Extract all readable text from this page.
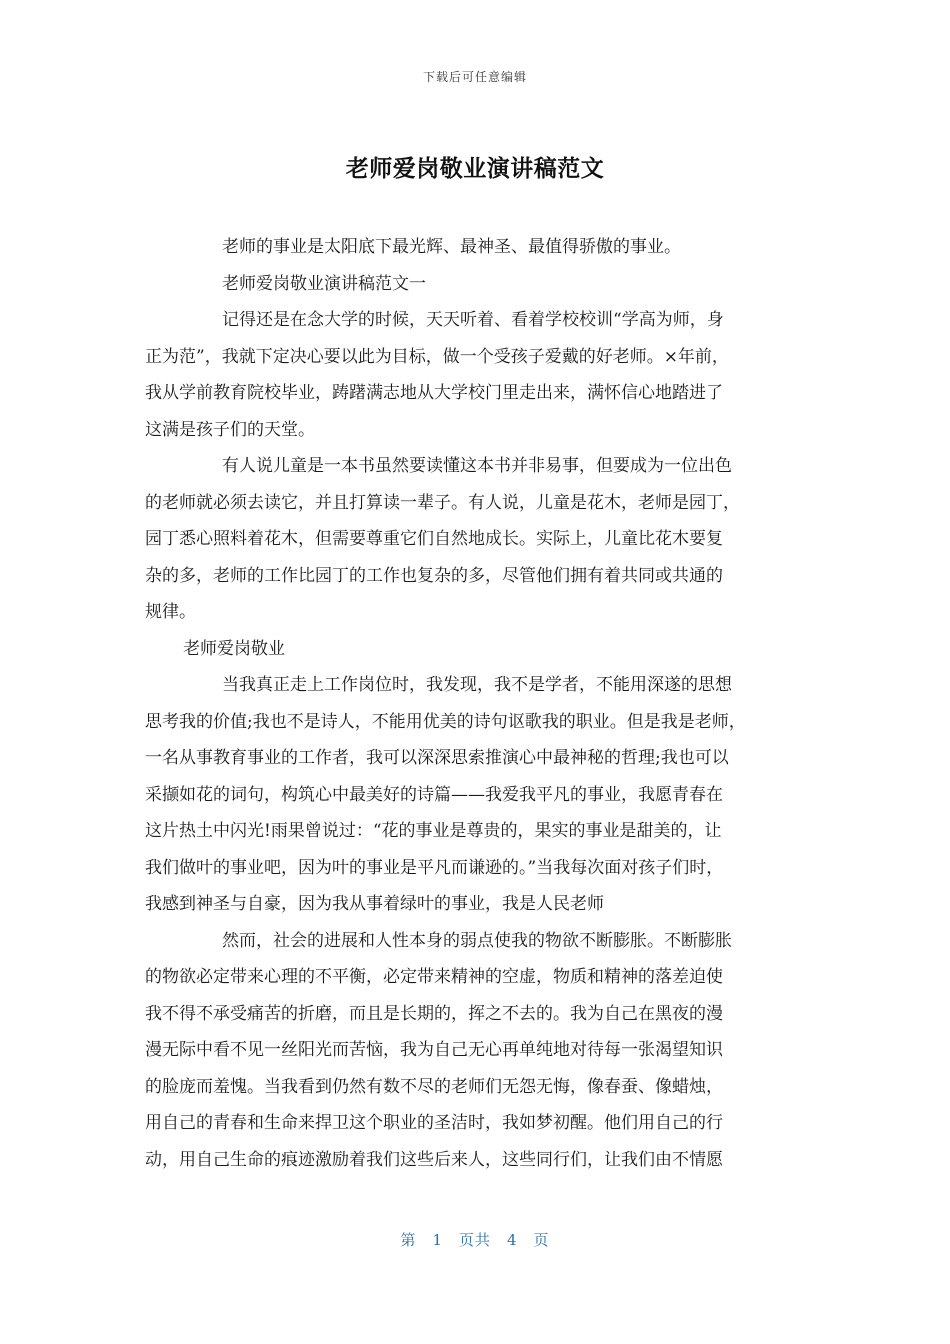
下载后可任意编辑
老师爱岗敬业演讲稿范文
老师的事业是太阳底下最光辉、最神圣、最值得骄傲的事业。
老师爱岗敬业演讲稿范文一
记得还是在念大学的时候，天天听着、看着学校校训“学高为师，身
正为范”，我就下定决心要以此为目标，做一个受孩子爱戴的好老师。×年前，
我从学前教育院校毕业，踌躇满志地从大学校门里走出来，满怀信心地踏进了
这满是孩子们的天堂。
有人说儿童是一本书虽然要读懂这本书并非易事，但要成为一位出色
的老师就必须去读它，并且打算读一辈子。有人说，儿童是花木，老师是园丁，
园丁悉心照料着花木，但需要尊重它们自然地成长。实际上，儿童比花木要复
杂的多，老师的工作比园丁的工作也复杂的多，尽管他们拥有着共同或共通的
规律。
老师爱岗敬业
当我真正走上工作岗位时，我发现，我不是学者，不能用深遂的思想
思考我的价值;我也不是诗人，不能用优美的诗句讴歌我的职业。但是我是老师，
一名从事教育事业的工作者，我可以深深思索推演心中最神秘的哲理;我也可以
采撷如花的词句，构筑心中最美好的诗篇——我爱我平凡的事业，我愿青春在
这片热土中闪光!雨果曾说过：“花的事业是尊贵的，果实的事业是甜美的，让
我们做叶的事业吧，因为叶的事业是平凡而谦逊的。”当我每次面对孩子们时，
我感到神圣与自豪，因为我从事着绿叶的事业，我是人民老师
然而，社会的进展和人性本身的弱点使我的物欲不断膨胀。不断膨胀
的物欲必定带来心理的不平衡，必定带来精神的空虚，物质和精神的落差迫使
我不得不承受痛苦的折磨，而且是长期的，挥之不去的。我为自己在黑夜的漫
漫无际中看不见一丝阳光而苦恼，我为自己无心再单纯地对待每一张渴望知识
的脸庞而羞愧。当我看到仍然有数不尽的老师们无怨无悔，像春蚕、像蜡烛，
用自己的青春和生命来捍卫这个职业的圣洁时，我如梦初醒。他们用自己的行
动，用自己生命的痕迹激励着我们这些后来人，这些同行们，让我们由不情愿
第 1 页共 4 页
